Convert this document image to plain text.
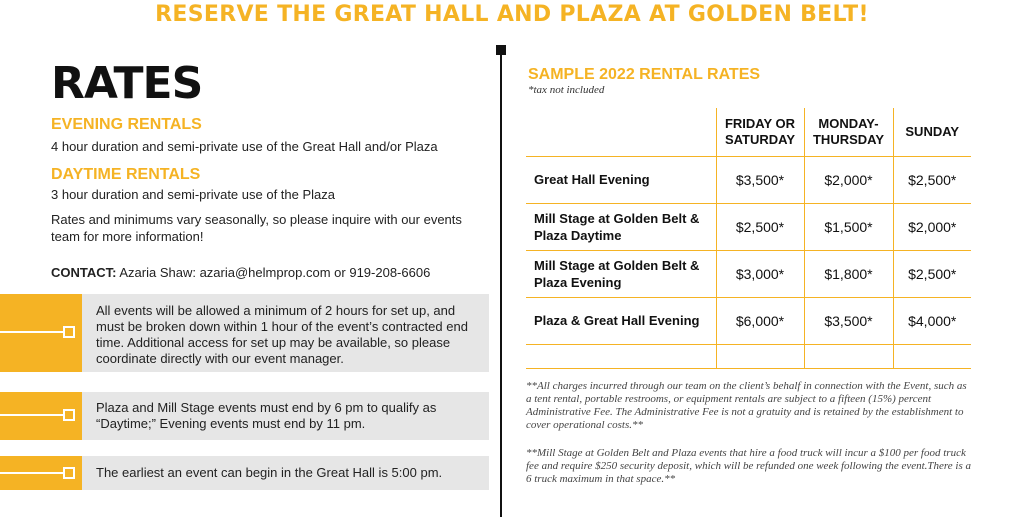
RESERVE THE GREAT HALL AND PLAZA AT GOLDEN BELT!
RATES
EVENING RENTALS
4 hour duration and semi-private use of the Great Hall and/or Plaza
DAYTIME RENTALS
3 hour duration and semi-private use of the Plaza
Rates and minimums vary seasonally, so please inquire with our events team for more information!
CONTACT: Azaria Shaw: azaria@helmprop.com or 919-208-6606
All events will be allowed a minimum of 2 hours for set up, and must be broken down within 1 hour of the event’s contracted end time. Additional access for set up may be available, so please coordinate directly with our event manager.
Plaza and Mill Stage events must end by 6 pm to qualify as “Daytime;” Evening events must end by 11 pm.
The earliest an event can begin in the Great Hall is 5:00 pm.
SAMPLE 2022 RENTAL RATES
*tax not included
	FRIDAY OR SATURDAY	MONDAY-THURSDAY	SUNDAY
Great Hall Evening	$3,500*	$2,000*	$2,500*
Mill Stage at Golden Belt & Plaza Daytime	$2,500*	$1,500*	$2,000*
Mill Stage at Golden Belt & Plaza Evening	$3,000*	$1,800*	$2,500*
Plaza & Great Hall Evening	$6,000*	$3,500*	$4,000*

**All charges incurred through our team on the client’s behalf in connection with the Event, such as a tent rental, portable restrooms, or equipment rentals are subject to a fifteen (15%) percent Administrative Fee. The Administrative Fee is not a gratuity and is retained by the establishment to cover operational costs.**
**Mill Stage at Golden Belt and Plaza events that hire a food truck will incur a $100 per food truck fee and require $250 security deposit, which will be refunded one week following the event.There is a 6 truck maximum in that space.**
